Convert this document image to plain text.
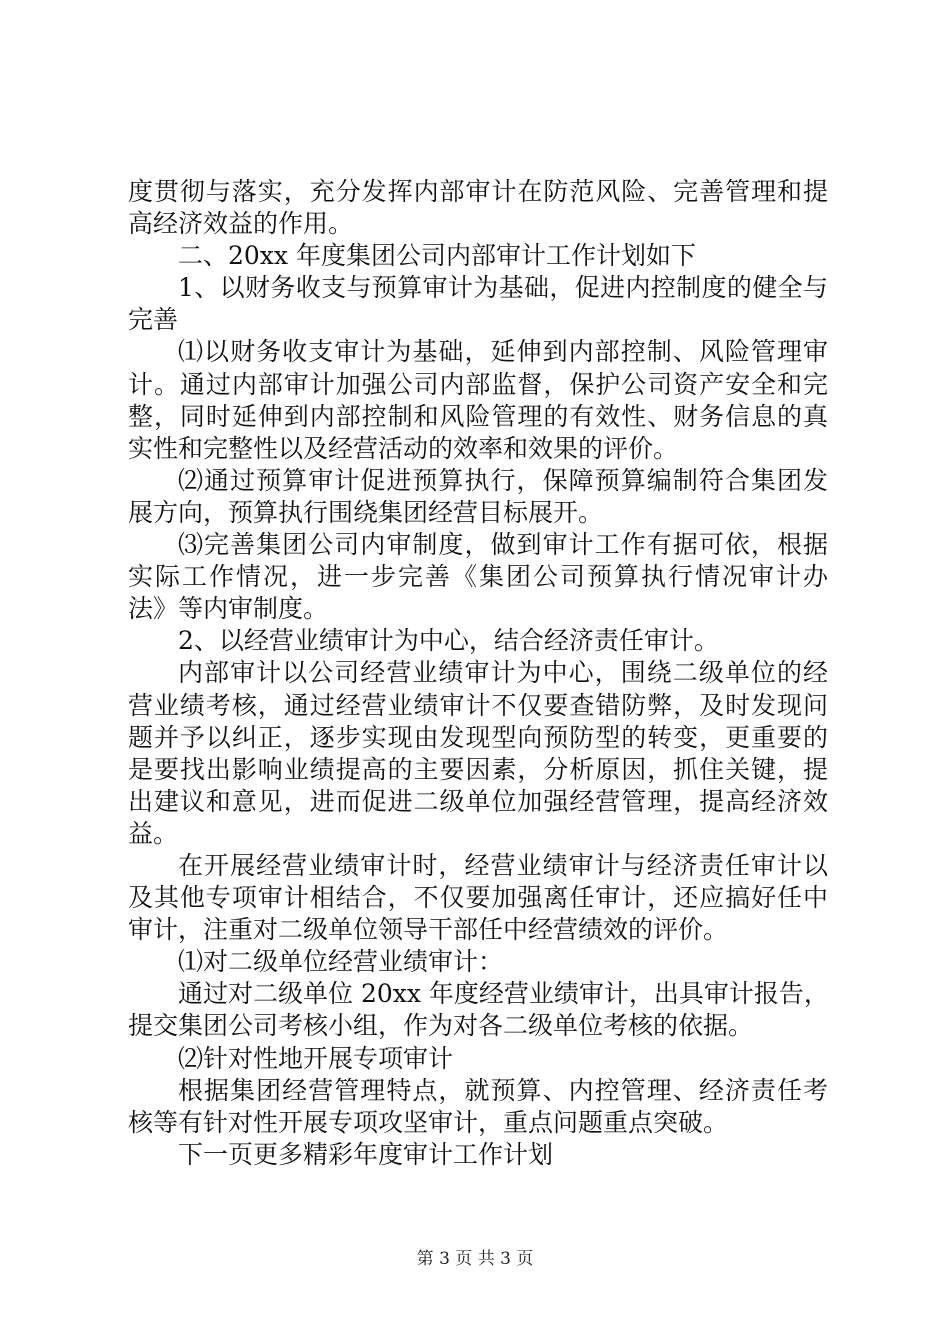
度贯彻与落实，充分发挥内部审计在防范风险、完善管理和提
高经济效益的作用。
二、20xx 年度集团公司内部审计工作计划如下
1、以财务收支与预算审计为基础，促进内控制度的健全与
完善
⑴以财务收支审计为基础，延伸到内部控制、风险管理审
计。通过内部审计加强公司内部监督，保护公司资产安全和完
整，同时延伸到内部控制和风险管理的有效性、财务信息的真
实性和完整性以及经营活动的效率和效果的评价。
⑵通过预算审计促进预算执行，保障预算编制符合集团发
展方向，预算执行围绕集团经营目标展开。
⑶完善集团公司内审制度，做到审计工作有据可依，根据
实际工作情况，进一步完善《集团公司预算执行情况审计办
法》等内审制度。
2、以经营业绩审计为中心，结合经济责任审计。
内部审计以公司经营业绩审计为中心，围绕二级单位的经
营业绩考核，通过经营业绩审计不仅要查错防弊，及时发现问
题并予以纠正，逐步实现由发现型向预防型的转变，更重要的
是要找出影响业绩提高的主要因素，分析原因，抓住关键，提
出建议和意见，进而促进二级单位加强经营管理，提高经济效
益。
在开展经营业绩审计时，经营业绩审计与经济责任审计以
及其他专项审计相结合，不仅要加强离任审计，还应搞好任中
审计，注重对二级单位领导干部任中经营绩效的评价。
⑴对二级单位经营业绩审计：
通过对二级单位 20xx 年度经营业绩审计，出具审计报告，
提交集团公司考核小组，作为对各二级单位考核的依据。
⑵针对性地开展专项审计
根据集团经营管理特点，就预算、内控管理、经济责任考
核等有针对性开展专项攻坚审计，重点问题重点突破。
下一页更多精彩年度审计工作计划
第 3 页 共 3 页
